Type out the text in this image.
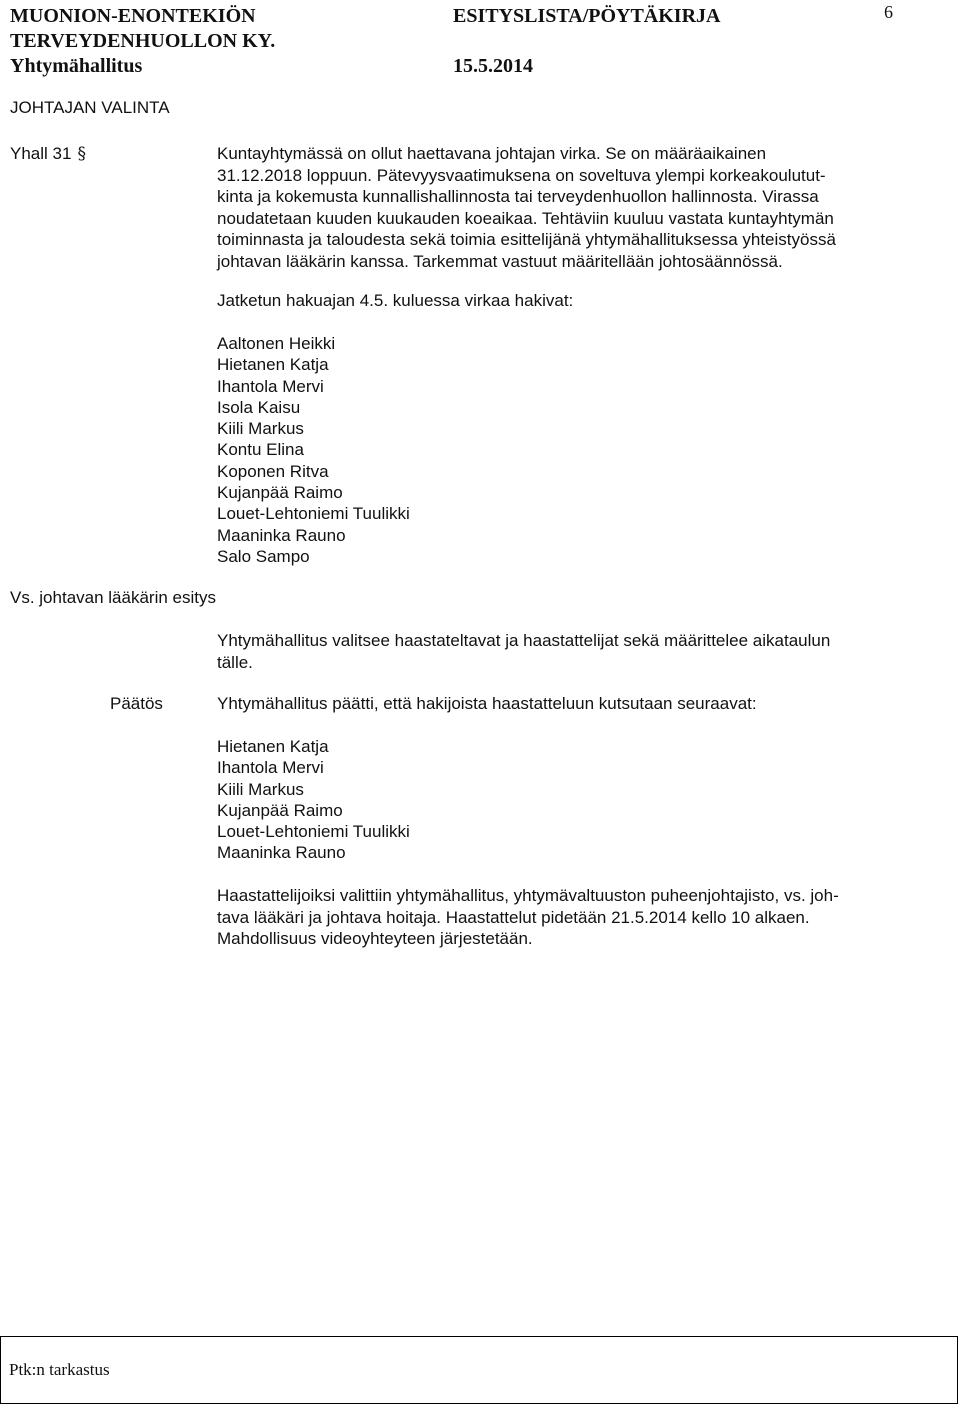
MUONION-ENONTEKIÖN
TERVEYDENHUOLLON KY.
Yhtymähallitus
ESITYSLISTA/PÖYTÄKIRJA
15.5.2014
6
JOHTAJAN VALINTA
Yhall 31 §	Kuntayhtymässä on ollut haettavana johtajan virka. Se on määräaikainen
31.12.2018 loppuun. Pätevyysvaatimuksena on soveltuva ylempi korkeakoulutut-
kinta ja kokemusta kunnallishallinnosta tai terveydenhuollon hallinnosta. Virassa
noudatetaan kuuden kuukauden koeaikaa. Tehtäviin kuuluu vastata kuntayhtymän
toiminnasta ja taloudesta sekä toimia esittelijänä yhtymähallituksessa yhteistyössä
johtavan lääkärin kanssa. Tarkemmat vastuut määritellään johtosäännössä.
Jatketun hakuajan 4.5. kuluessa virkaa hakivat:
Aaltonen Heikki
Hietanen Katja
Ihantola Mervi
Isola Kaisu
Kiili Markus
Kontu Elina
Koponen Ritva
Kujanpää Raimo
Louet-Lehtoniemi Tuulikki
Maaninka Rauno
Salo Sampo
Vs. johtavan lääkärin esitys
Yhtymähallitus valitsee haastateltavat ja haastattelijat sekä määrittelee aikataulun
tälle.
Päätös	Yhtymähallitus päätti, että hakijoista haastatteluun kutsutaan seuraavat:
Hietanen Katja
Ihantola Mervi
Kiili Markus
Kujanpää Raimo
Louet-Lehtoniemi Tuulikki
Maaninka Rauno
Haastattelijoiksi valittiin yhtymähallitus, yhtymävaltuuston puheenjohtajisto, vs. joh-
tava lääkäri ja johtava hoitaja. Haastattelut pidetään 21.5.2014 kello 10 alkaen.
Mahdollisuus videoyhteyteen järjestetään.
Ptk:n tarkastus
